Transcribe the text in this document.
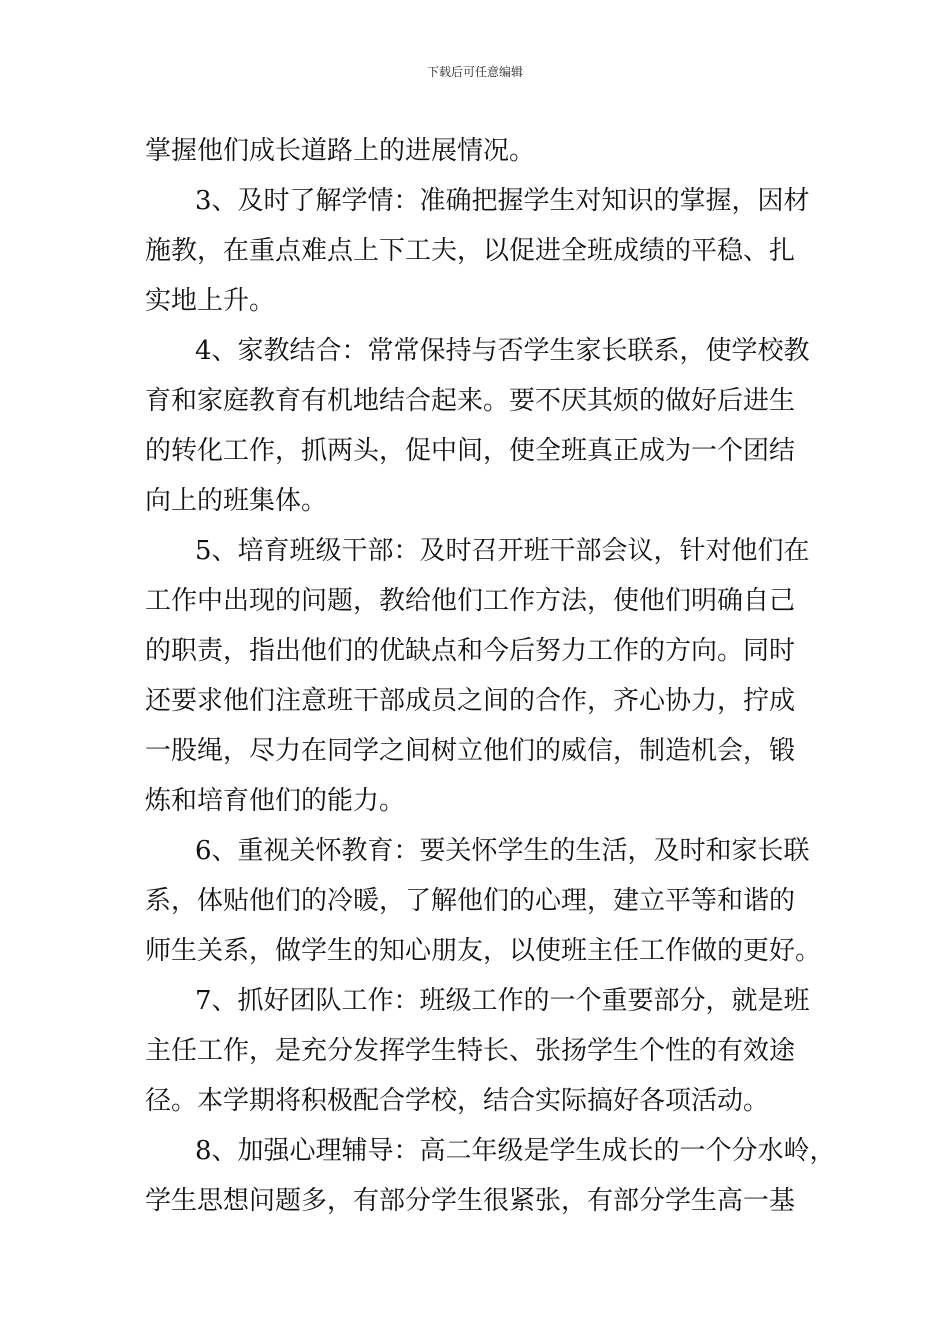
下载后可任意编辑
掌握他们成长道路上的进展情况。
3、及时了解学情：准确把握学生对知识的掌握，因材
施教，在重点难点上下工夫，以促进全班成绩的平稳、扎
实地上升。
4、家教结合：常常保持与否学生家长联系，使学校教
育和家庭教育有机地结合起来。要不厌其烦的做好后进生
的转化工作，抓两头，促中间，使全班真正成为一个团结
向上的班集体。
5、培育班级干部：及时召开班干部会议，针对他们在
工作中出现的问题，教给他们工作方法，使他们明确自己
的职责，指出他们的优缺点和今后努力工作的方向。同时
还要求他们注意班干部成员之间的合作，齐心协力，拧成
一股绳，尽力在同学之间树立他们的威信，制造机会，锻
炼和培育他们的能力。
6、重视关怀教育：要关怀学生的生活，及时和家长联
系，体贴他们的冷暖，了解他们的心理，建立平等和谐的
师生关系，做学生的知心朋友，以使班主任工作做的更好。
7、抓好团队工作：班级工作的一个重要部分，就是班
主任工作，是充分发挥学生特长、张扬学生个性的有效途
径。本学期将积极配合学校，结合实际搞好各项活动。
8、加强心理辅导：高二年级是学生成长的一个分水岭，
学生思想问题多，有部分学生很紧张，有部分学生高一基
